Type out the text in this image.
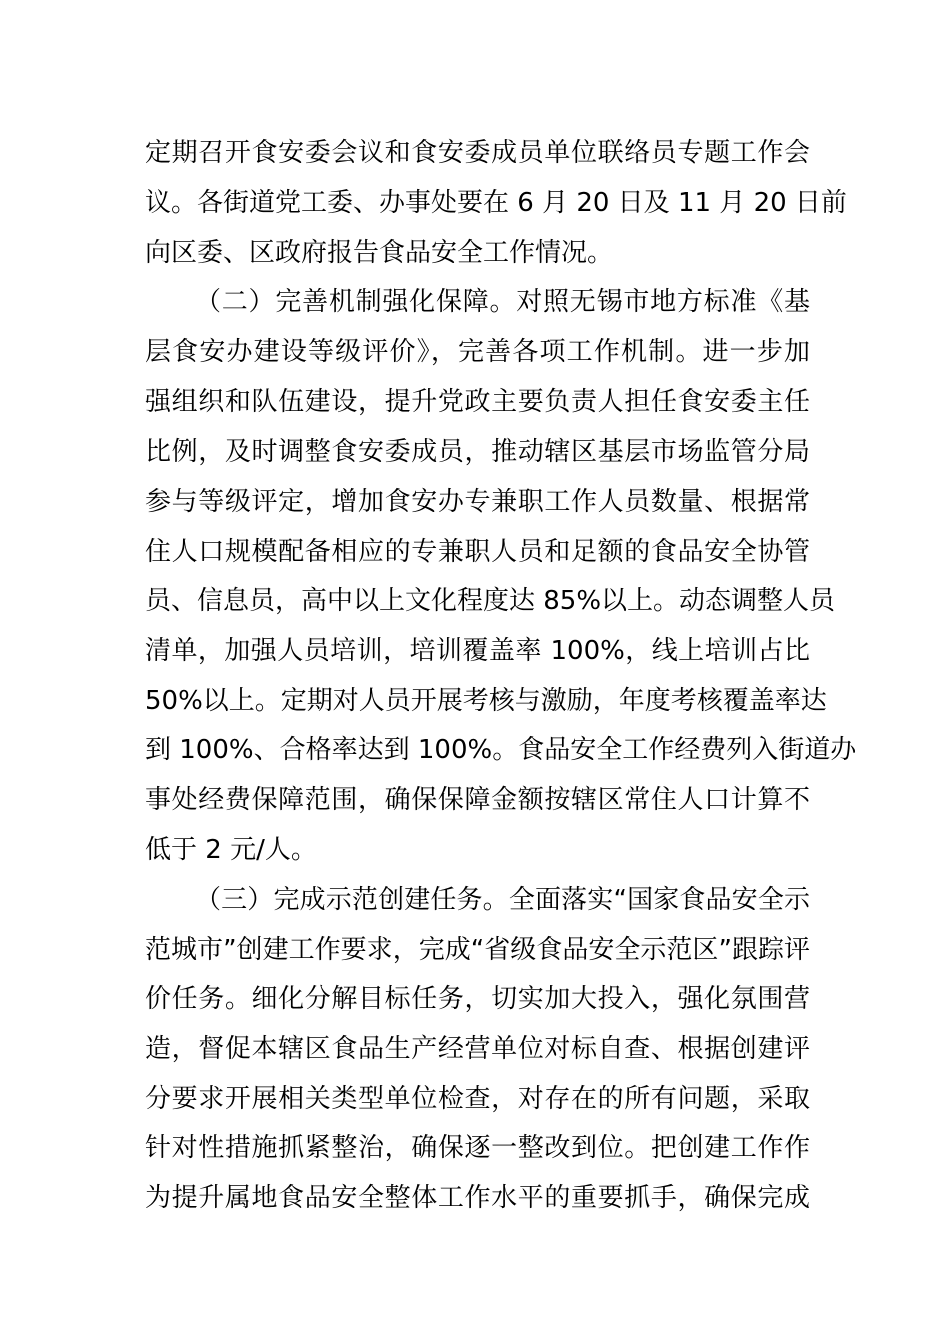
定期召开食安委会议和食安委成员单位联络员专题工作会
议。各街道党工委、办事处要在 6 月 20 日及 11 月 20 日前
向区委、区政府报告食品安全工作情况。
（二）完善机制强化保障。对照无锡市地方标准《基
层食安办建设等级评价》，完善各项工作机制。进一步加
强组织和队伍建设，提升党政主要负责人担任食安委主任
比例，及时调整食安委成员，推动辖区基层市场监管分局
参与等级评定，增加食安办专兼职工作人员数量、根据常
住人口规模配备相应的专兼职人员和足额的食品安全协管
员、信息员，高中以上文化程度达 85%以上。动态调整人员
清单，加强人员培训，培训覆盖率 100%，线上培训占比
50%以上。定期对人员开展考核与激励，年度考核覆盖率达
到 100%、合格率达到 100%。食品安全工作经费列入街道办
事处经费保障范围，确保保障金额按辖区常住人口计算不
低于 2 元/人。
（三）完成示范创建任务。全面落实“国家食品安全示
范城市”创建工作要求，完成“省级食品安全示范区”跟踪评
价任务。细化分解目标任务，切实加大投入，强化氛围营
造，督促本辖区食品生产经营单位对标自查、根据创建评
分要求开展相关类型单位检查，对存在的所有问题，采取
针对性措施抓紧整治，确保逐一整改到位。把创建工作作
为提升属地食品安全整体工作水平的重要抓手，确保完成
